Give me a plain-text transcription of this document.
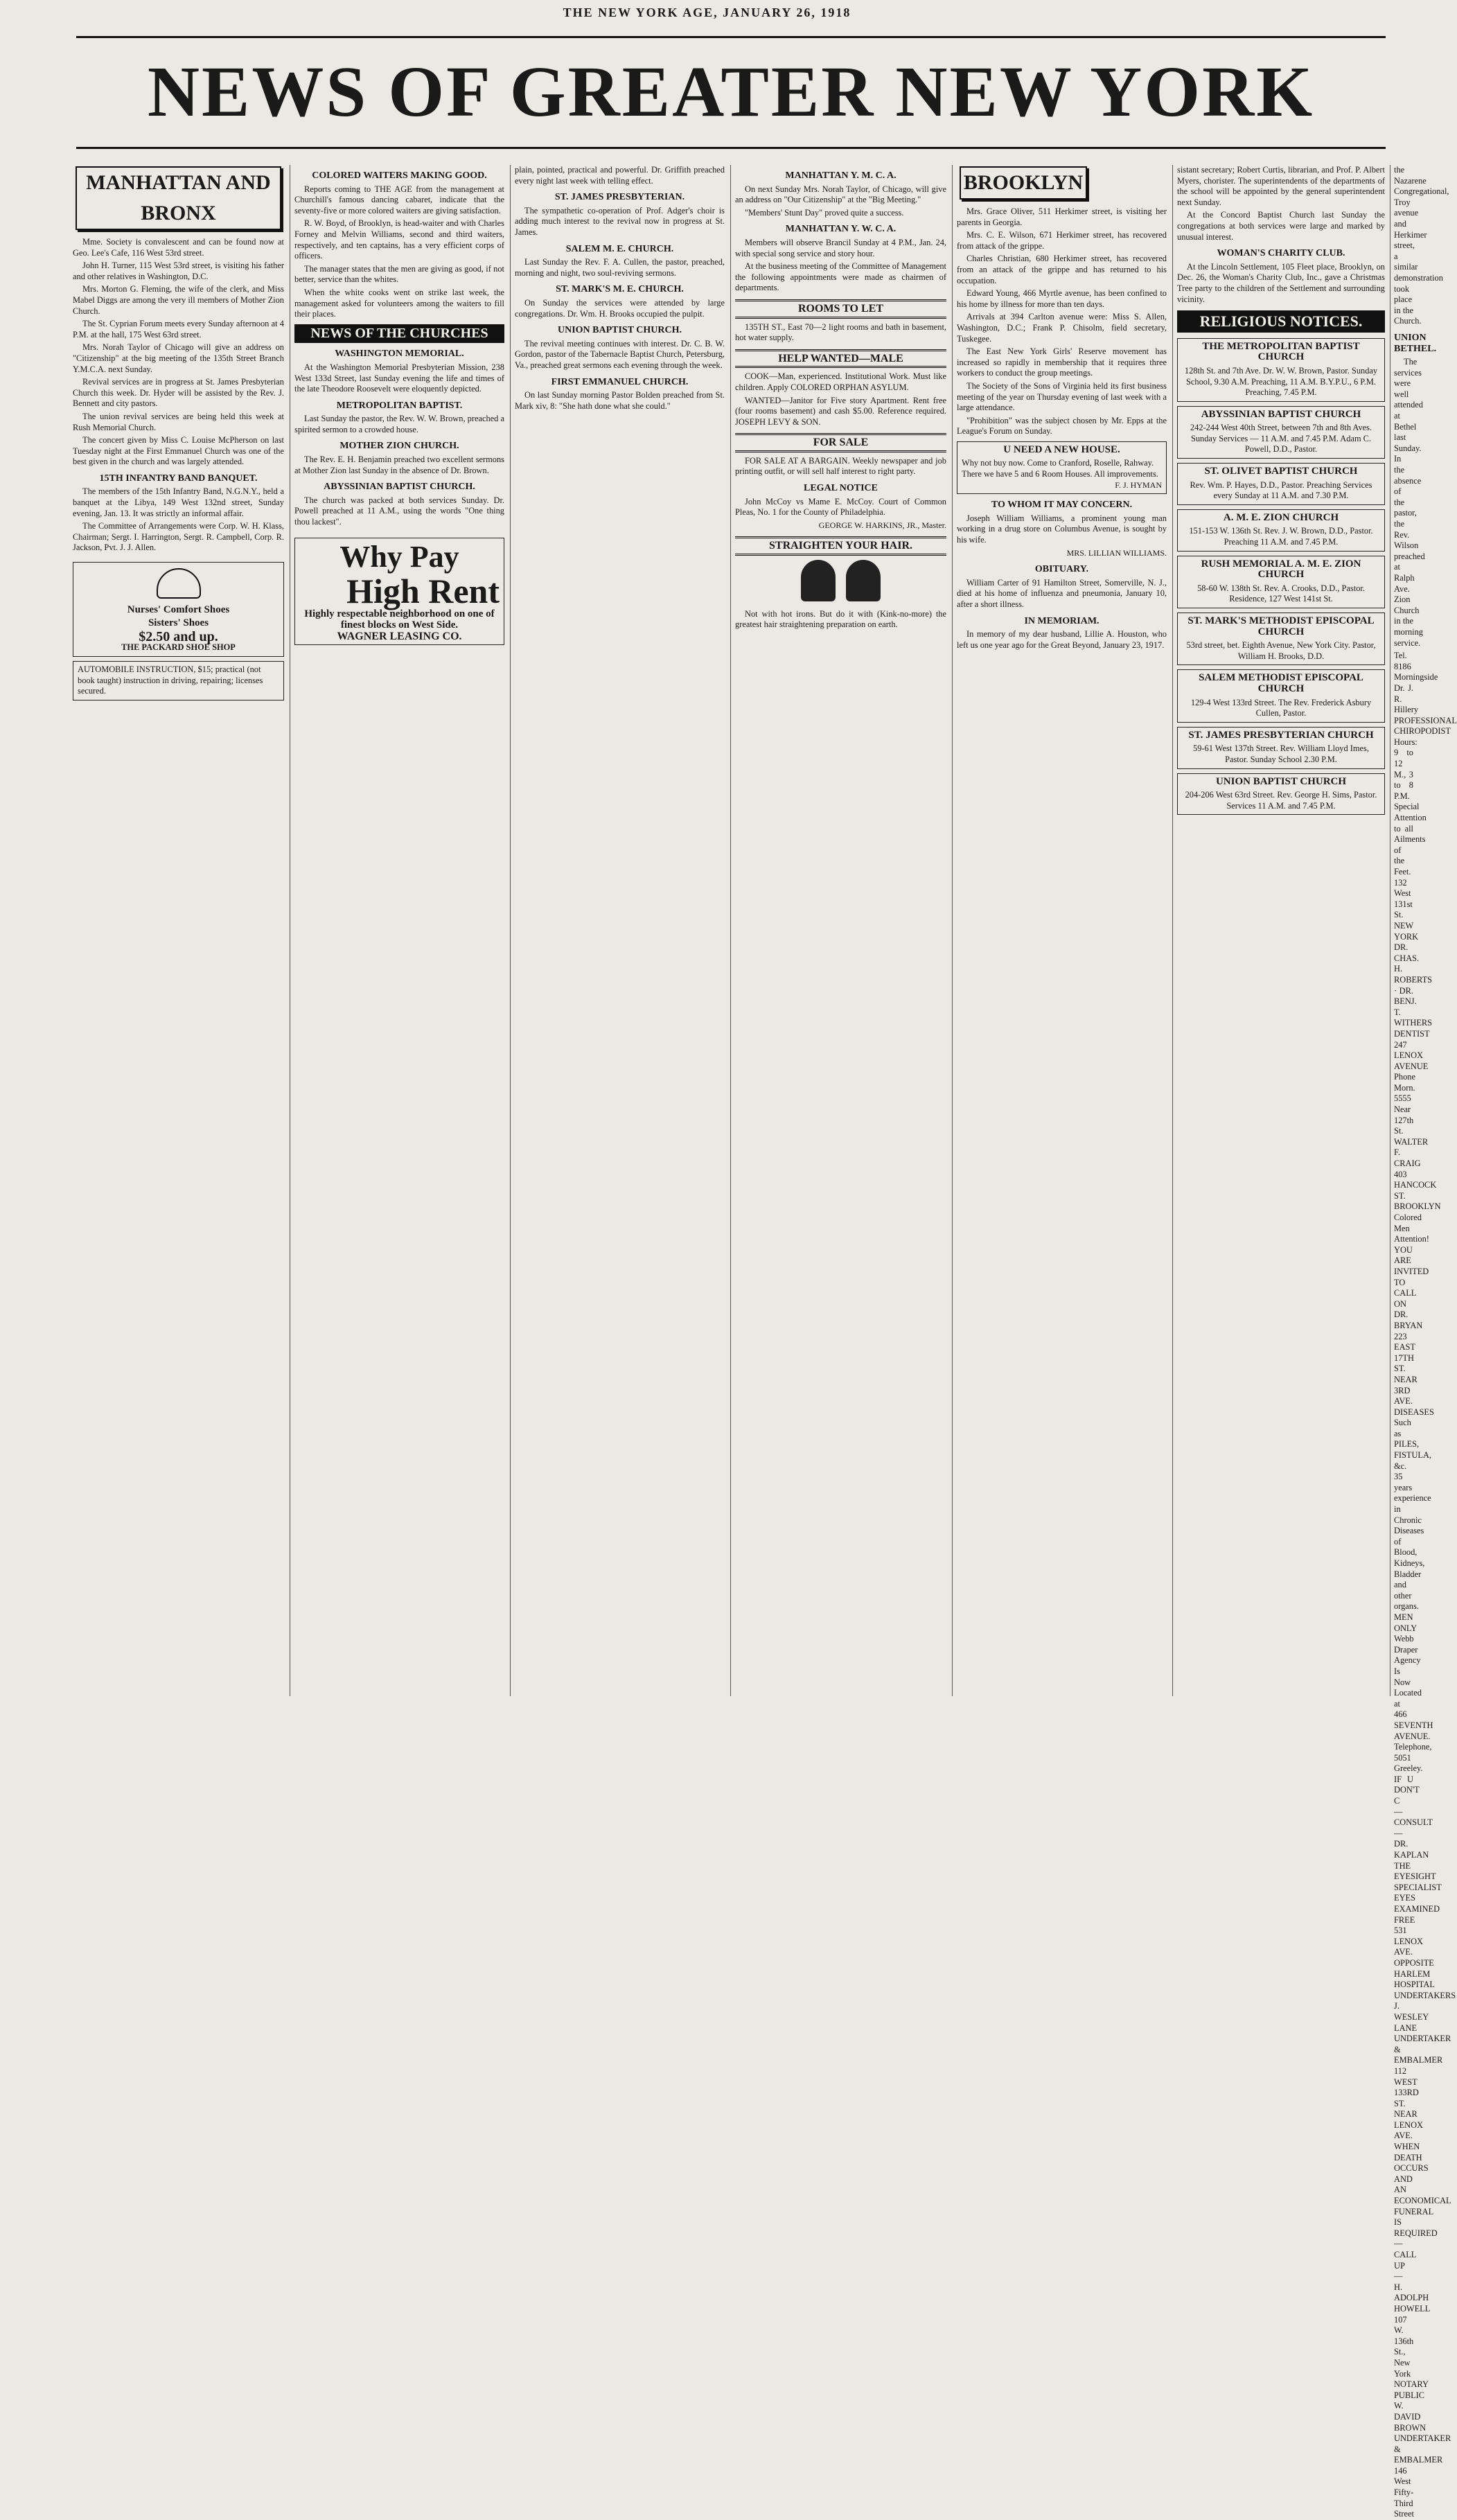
THE NEW YORK AGE, JANUARY 26, 1918
NEWS OF GREATER NEW YORK
MANHATTAN AND BRONX

Mme. Society is convalescent and can be found now at Geo. Lee's Cafe, 116 West 53rd street.

John H. Turner, 115 West 53rd street, is visiting his father and other relatives in Washington, D.C.

Mrs. Morton G. Fleming, the wife of the clerk, and Miss Mabel Diggs are among the very ill members of Mother Zion Church.

The St. Cyprian Forum meets every Sunday afternoon at 4 P.M. at the hall, 175 West 63rd street.

Mrs. Norah Taylor of Chicago will give an address on "Citizenship" at the big meeting of the 135th Street Branch Y.M.C.A. next Sunday.

Revival services are in progress at St. James Presbyterian Church this week. Dr. Hyder will be assisted by the Rev. J. Bennett and city pastors.

The union revival services are being held this week at Rush Memorial Church.

The concert given by Miss C. Louise McPherson on last Tuesday night at the First Emmanuel Church was one of the best given in the church and was largely attended.

15TH INFANTRY BAND BANQUET.

The members of the 15th Infantry Band, N.G.N.Y., held a banquet at the Libya, 149 West 132nd street, Sunday evening, Jan. 13. It was strictly an informal affair.

The Committee of Arrangements were Corp. W. H. Klass, Chairman; Sergt. I. Harrington, Sergt. R. Campbell, Corp. R. Jackson, Pvt. J. J. Allen.

Nurses' Comfort Shoes
Sisters' Shoes
$2.50 and up.
THE PACKARD SHOE SHOP
AUTOMOBILE INSTRUCTION, $15; practical (not book taught) instruction in driving, repairing; licenses secured.
COLORED WAITERS MAKING GOOD.

Reports coming to THE AGE from the management at Churchill's famous dancing cabaret, indicate that the seventy-five or more colored waiters are giving satisfaction.

R. W. Boyd, of Brooklyn, is head-waiter and with Charles Forney and Melvin Williams, second and third waiters, respectively, and ten captains, has a very efficient corps of officers.

The manager states that the men are giving as good, if not better, service than the whites.

When the white cooks went on strike last week, the management asked for volunteers among the waiters to fill their places.

NEWS OF THE CHURCHES
WASHINGTON MEMORIAL.

At the Washington Memorial Presbyterian Mission, 238 West 133d Street, last Sunday evening the life and times of the late Theodore Roosevelt were eloquently depicted.

METROPOLITAN BAPTIST.

Last Sunday the pastor, the Rev. W. W. Brown, preached a spirited sermon to a crowded house.

MOTHER ZION CHURCH.

The Rev. E. H. Benjamin preached two excellent sermons at Mother Zion last Sunday in the absence of Dr. Brown.

ABYSSINIAN BAPTIST CHURCH.

The church was packed at both services Sunday. Dr. Powell preached at 11 A.M., using the words "One thing thou lackest".

Why Pay
High Rent
Highly respectable neighborhood on one of finest blocks on West Side.
WAGNER LEASING CO.

plain, pointed, practical and powerful. Dr. Griffith preached every night last week with telling effect.

ST. JAMES PRESBYTERIAN.

The sympathetic co-operation of Prof. Adger's choir is adding much interest to the revival now in progress at St. James.

SALEM M. E. CHURCH.

Last Sunday the Rev. F. A. Cullen, the pastor, preached, morning and night, two soul-reviving sermons.

ST. MARK'S M. E. CHURCH.

On Sunday the services were attended by large congregations. Dr. Wm. H. Brooks occupied the pulpit.

UNION BAPTIST CHURCH.

The revival meeting continues with interest. Dr. C. B. W. Gordon, pastor of the Tabernacle Baptist Church, Petersburg, Va., preached great sermons each evening through the week.

FIRST EMMANUEL CHURCH.

On last Sunday morning Pastor Bolden preached from St. Mark xiv, 8: "She hath done what she could."

MANHATTAN Y. M. C. A.

On next Sunday Mrs. Norah Taylor, of Chicago, will give an address on "Our Citizenship" at the "Big Meeting."

"Members' Stunt Day" proved quite a success.

MANHATTAN Y. W. C. A.

Members will observe Brancil Sunday at 4 P.M., Jan. 24, with special song service and story hour.

At the business meeting of the Committee of Management the following appointments were made as chairmen of departments.

ROOMS TO LET

135TH ST., East 70—2 light rooms and bath in basement, hot water supply.

HELP WANTED—MALE

COOK—Man, experienced. Institutional Work. Must like children. Apply COLORED ORPHAN ASYLUM.

WANTED—Janitor for Five story Apartment. Rent free (four rooms basement) and cash $5.00. Reference required. JOSEPH LEVY & SON.

FOR SALE

FOR SALE AT A BARGAIN. Weekly newspaper and job printing outfit, or will sell half interest to right party.

LEGAL NOTICE

John McCoy vs Mame E. McCoy. Court of Common Pleas, No. 1 for the County of Philadelphia.

GEORGE W. HARKINS, JR., Master.
STRAIGHTEN YOUR HAIR.

Not with hot irons. But do it with (Kink-no-more) the greatest hair straightening preparation on earth.

BROOKLYN

Mrs. Grace Oliver, 511 Herkimer street, is visiting her parents in Georgia.

Mrs. C. E. Wilson, 671 Herkimer street, has recovered from attack of the grippe.

Charles Christian, 680 Herkimer street, has recovered from an attack of the grippe and has returned to his occupation.

Edward Young, 466 Myrtle avenue, has been confined to his home by illness for more than ten days.

Arrivals at 394 Carlton avenue were: Miss S. Allen, Washington, D.C.; Frank P. Chisolm, field secretary, Tuskegee.

The East New York Girls' Reserve movement has increased so rapidly in membership that it requires three workers to conduct the group meetings.

The Society of the Sons of Virginia held its first business meeting of the year on Thursday evening of last week with a large attendance.

"Prohibition" was the subject chosen by Mr. Epps at the League's Forum on Sunday.

U NEED A NEW HOUSE.
Why not buy now. Come to Cranford, Roselle, Rahway. There we have 5 and 6 Room Houses. All improvements.
F. J. HYMAN
TO WHOM IT MAY CONCERN.

Joseph William Williams, a prominent young man working in a drug store on Columbus Avenue, is sought by his wife.

MRS. LILLIAN WILLIAMS.
OBITUARY.

William Carter of 91 Hamilton Street, Somerville, N. J., died at his home of influenza and pneumonia, January 10, after a short illness.

IN MEMORIAM.

In memory of my dear husband, Lillie A. Houston, who left us one year ago for the Great Beyond, January 23, 1917.

sistant secretary; Robert Curtis, librarian, and Prof. P. Albert Myers, chorister. The superintendents of the departments of the school will be appointed by the general superintendent next Sunday.

At the Concord Baptist Church last Sunday the congregations at both services were large and marked by unusual interest.

WOMAN'S CHARITY CLUB.

At the Lincoln Settlement, 105 Fleet place, Brooklyn, on Dec. 26, the Woman's Charity Club, Inc., gave a Christmas Tree party to the children of the Settlement and surrounding vicinity.

RELIGIOUS NOTICES.
THE METROPOLITAN BAPTIST CHURCH
128th St. and 7th Ave. Dr. W. W. Brown, Pastor. Sunday School, 9.30 A.M. Preaching, 11 A.M. B.Y.P.U., 6 P.M. Preaching, 7.45 P.M.
ABYSSINIAN BAPTIST CHURCH
242-244 West 40th Street, between 7th and 8th Aves. Sunday Services — 11 A.M. and 7.45 P.M. Adam C. Powell, D.D., Pastor.
ST. OLIVET BAPTIST CHURCH
Rev. Wm. P. Hayes, D.D., Pastor. Preaching Services every Sunday at 11 A.M. and 7.30 P.M.
A. M. E. ZION CHURCH
151-153 W. 136th St. Rev. J. W. Brown, D.D., Pastor. Preaching 11 A.M. and 7.45 P.M.
RUSH MEMORIAL A. M. E. ZION CHURCH
58-60 W. 138th St. Rev. A. Crooks, D.D., Pastor. Residence, 127 West 141st St.
ST. MARK'S METHODIST EPISCOPAL CHURCH
53rd street, bet. Eighth Avenue, New York City. Pastor, William H. Brooks, D.D.
SALEM METHODIST EPISCOPAL CHURCH
129-4 West 133rd Street. The Rev. Frederick Asbury Cullen, Pastor.
ST. JAMES PRESBYTERIAN CHURCH
59-61 West 137th Street. Rev. William Lloyd Imes, Pastor. Sunday School 2.30 P.M.
UNION BAPTIST CHURCH
204-206 West 63rd Street. Rev. George H. Sims, Pastor. Services 11 A.M. and 7.45 P.M.

the Nazarene Congregational, Troy avenue and Herkimer street, a similar demonstration took place in the Church.

UNION BETHEL.

The services were well attended at Bethel last Sunday. In the absence of the pastor, the Rev. Wilson preached at Ralph Ave. Zion Church in the morning service.

Tel. 8186 Morningside
Dr. J. R. Hillery
PROFESSIONAL CHIROPODIST
Hours: 9 to 12 M., 3 to 8 P.M. Special Attention to all Ailments of the Feet. 132 West 131st St. NEW YORK
DR. CHAS. H. ROBERTS · DR. BENJ. T. WITHERS
DENTIST
247 LENOX AVENUE
Phone Morn. 5555 Near 127th St.
WALTER F. CRAIG
403 HANCOCK ST. BROOKLYN
Colored Men
Attention!
YOU ARE INVITED TO CALL ON
DR. BRYAN
223 EAST 17TH ST. NEAR 3RD AVE.
DISEASES
Such as PILES, FISTULA, &c. 35 years experience in Chronic Diseases of Blood, Kidneys, Bladder and other organs.
MEN ONLY
Webb Draper Agency
Is Now Located at 466 SEVENTH AVENUE. Telephone, 5051 Greeley.
IF U DON'T C
—CONSULT—
DR. KAPLAN
THE EYESIGHT SPECIALIST
EYES EXAMINED FREE
531 LENOX AVE.
OPPOSITE HARLEM HOSPITAL
UNDERTAKERS
J. WESLEY LANE
UNDERTAKER & EMBALMER
112 WEST 133RD ST. NEAR LENOX AVE.
WHEN DEATH OCCURS AND AN ECONOMICAL FUNERAL IS REQUIRED —CALL UP—
H. ADOLPH HOWELL
107 W. 136th St., New York
NOTARY PUBLIC
W. DAVID BROWN
UNDERTAKER & EMBALMER
146 West Fifty-Third Street
